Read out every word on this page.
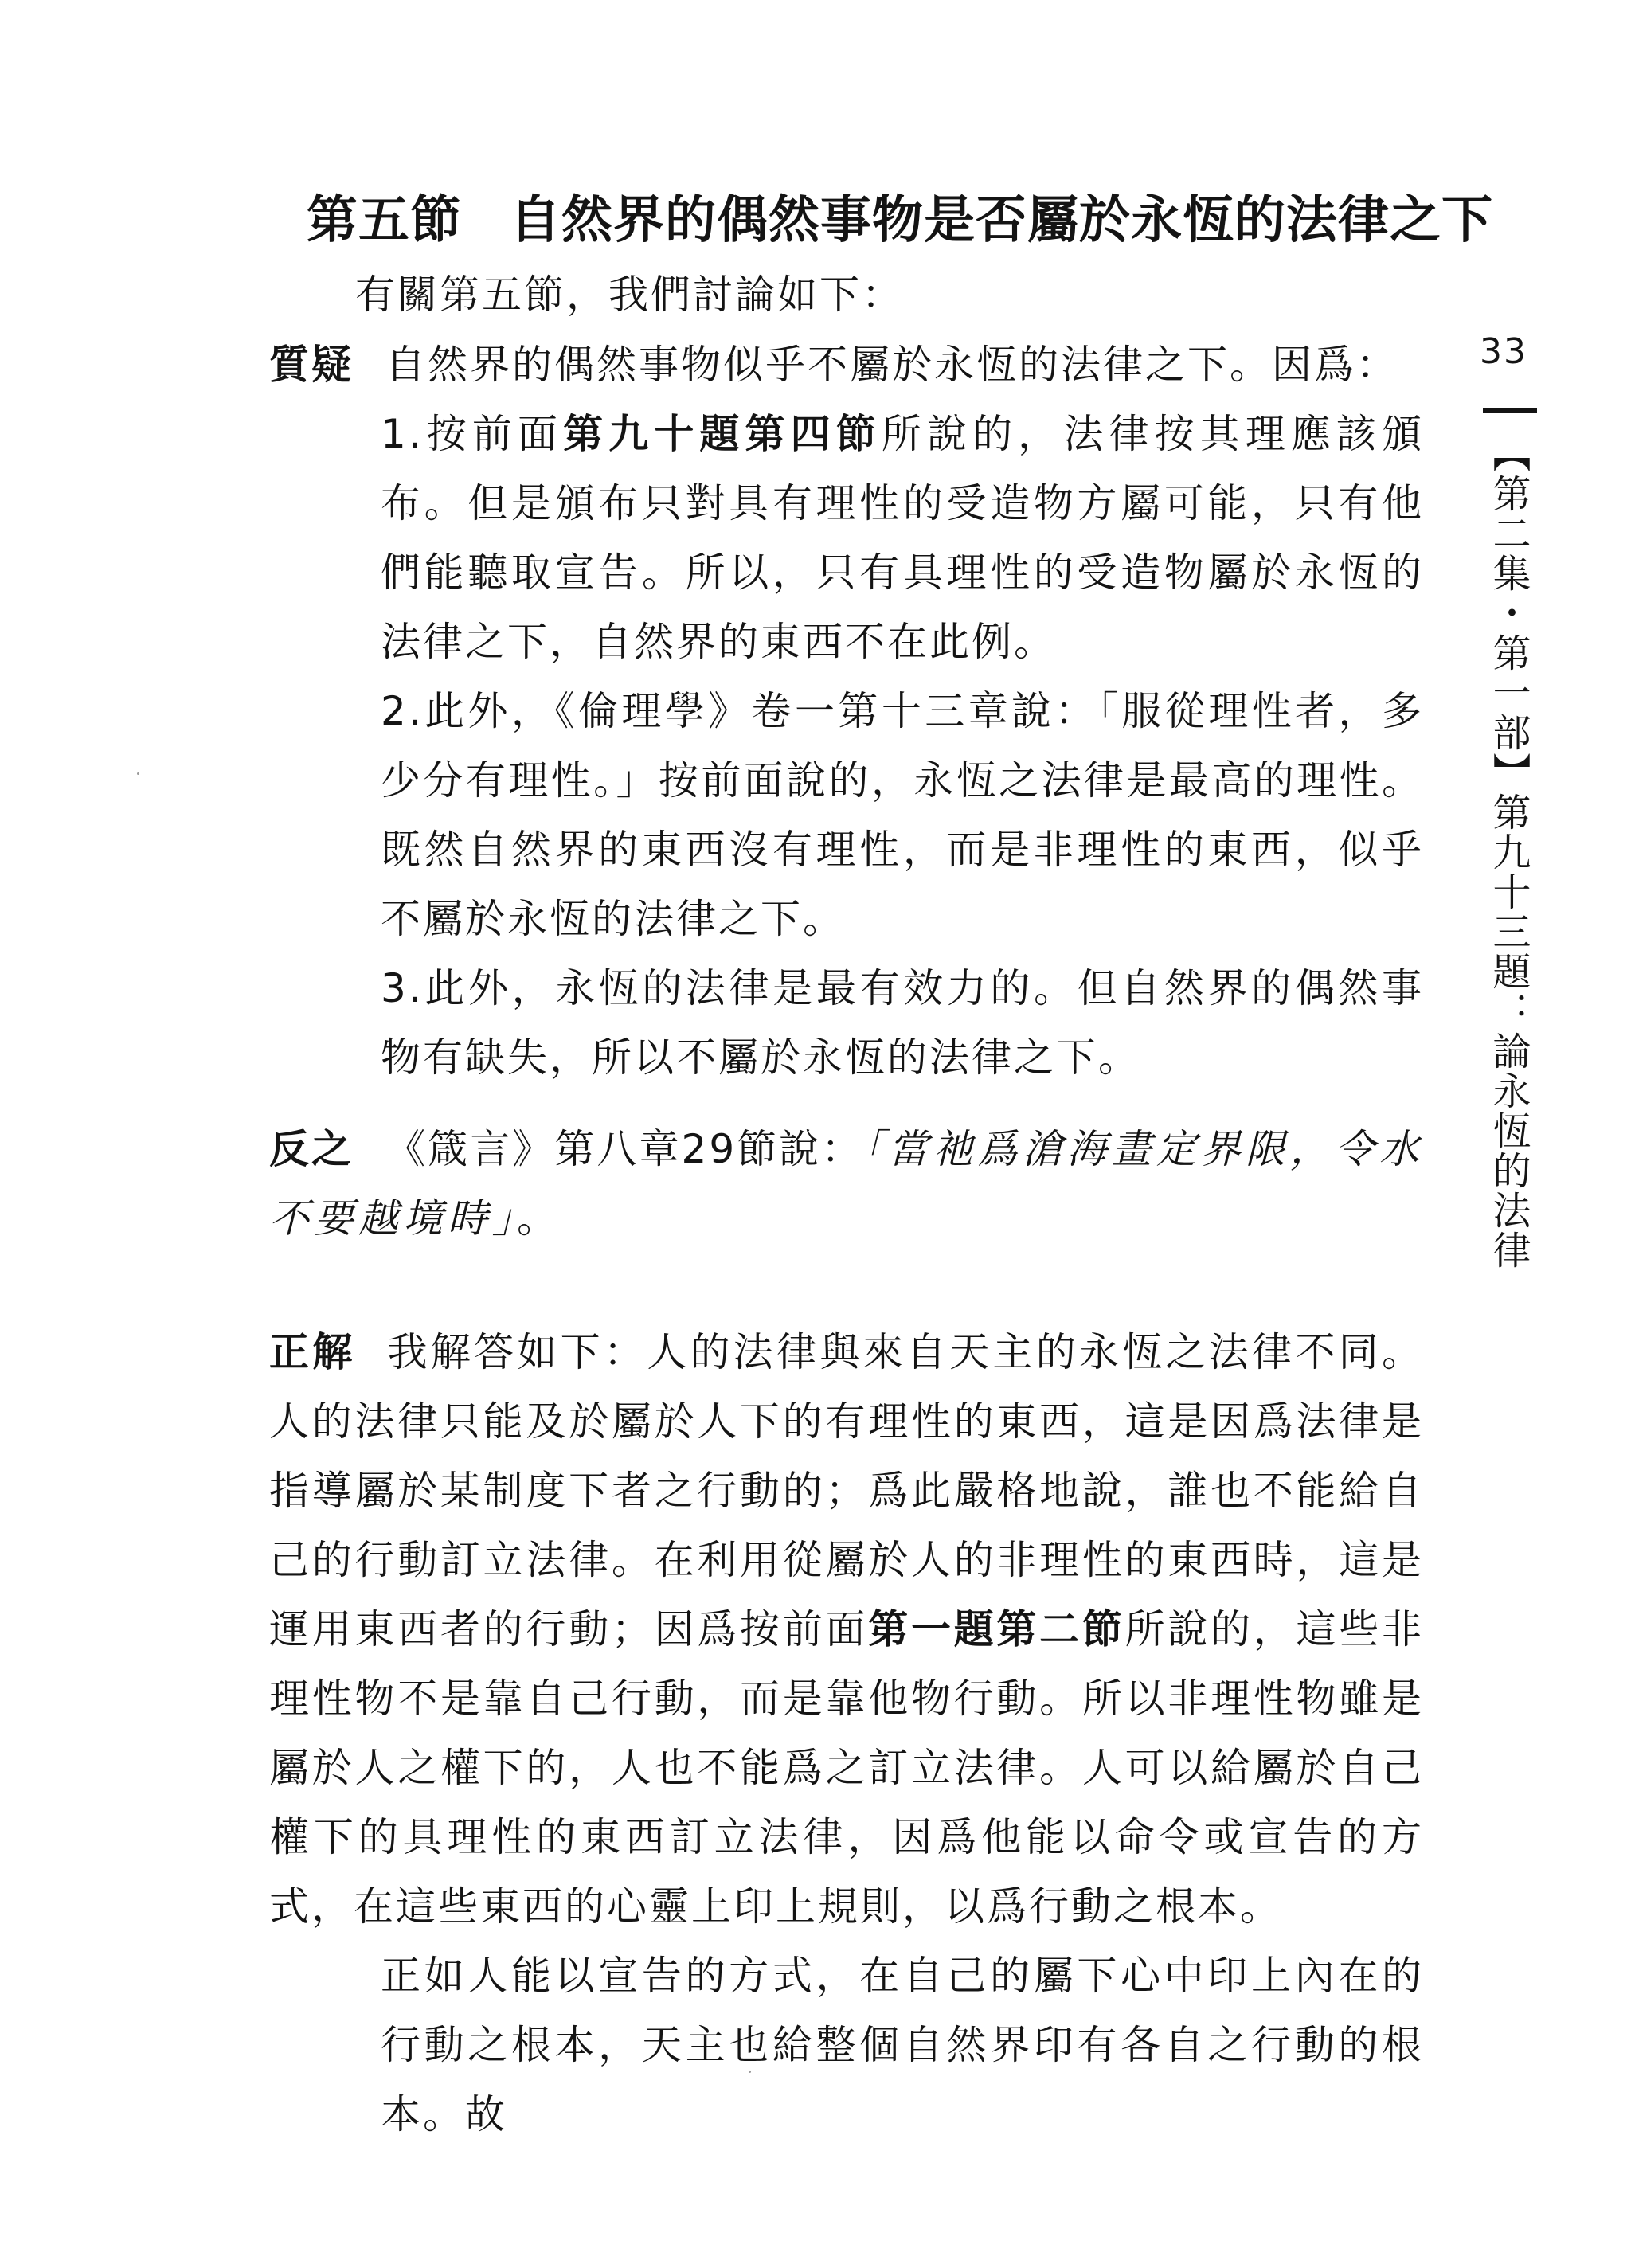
第五節 自然界的偶然事物是否屬於永恆的法律之下
有關第五節，我們討論如下：

質疑 自然界的偶然事物似乎不屬於永恆的法律之下。因爲：

1.按前面第九十題第四節所說的，法律按其理應該頒布。但是頒布只對具有理性的受造物方屬可能，只有他們能聽取宣告。所以，只有具理性的受造物屬於永恆的法律之下，自然界的東西不在此例。

2.此外，《倫理學》卷一第十三章說：「服從理性者，多少分有理性。」按前面說的，永恆之法律是最高的理性。既然自然界的東西沒有理性，而是非理性的東西，似乎不屬於永恆的法律之下。

3.此外，永恆的法律是最有效力的。但自然界的偶然事物有缺失，所以不屬於永恆的法律之下。

反之 《箴言》第八章29節說：「當祂爲滄海畫定界限，令水不要越境時」。

正解 我解答如下：人的法律與來自天主的永恆之法律不同。人的法律只能及於屬於人下的有理性的東西，這是因爲法律是指導屬於某制度下者之行動的；爲此嚴格地說，誰也不能給自己的行動訂立法律。在利用從屬於人的非理性的東西時，這是運用東西者的行動；因爲按前面第一題第二節所說的，這些非理性物不是靠自己行動，而是靠他物行動。所以非理性物雖是屬於人之權下的，人也不能爲之訂立法律。人可以給屬於自己權下的具理性的東西訂立法律，因爲他能以命令或宣告的方式，在這些東西的心靈上印上規則，以爲行動之根本。

正如人能以宣告的方式，在自己的屬下心中印上內在的行動之根本，天主也給整個自然界印有各自之行動的根本。故

33
【第二集・第一部】第九十三題：論永恆的法律
